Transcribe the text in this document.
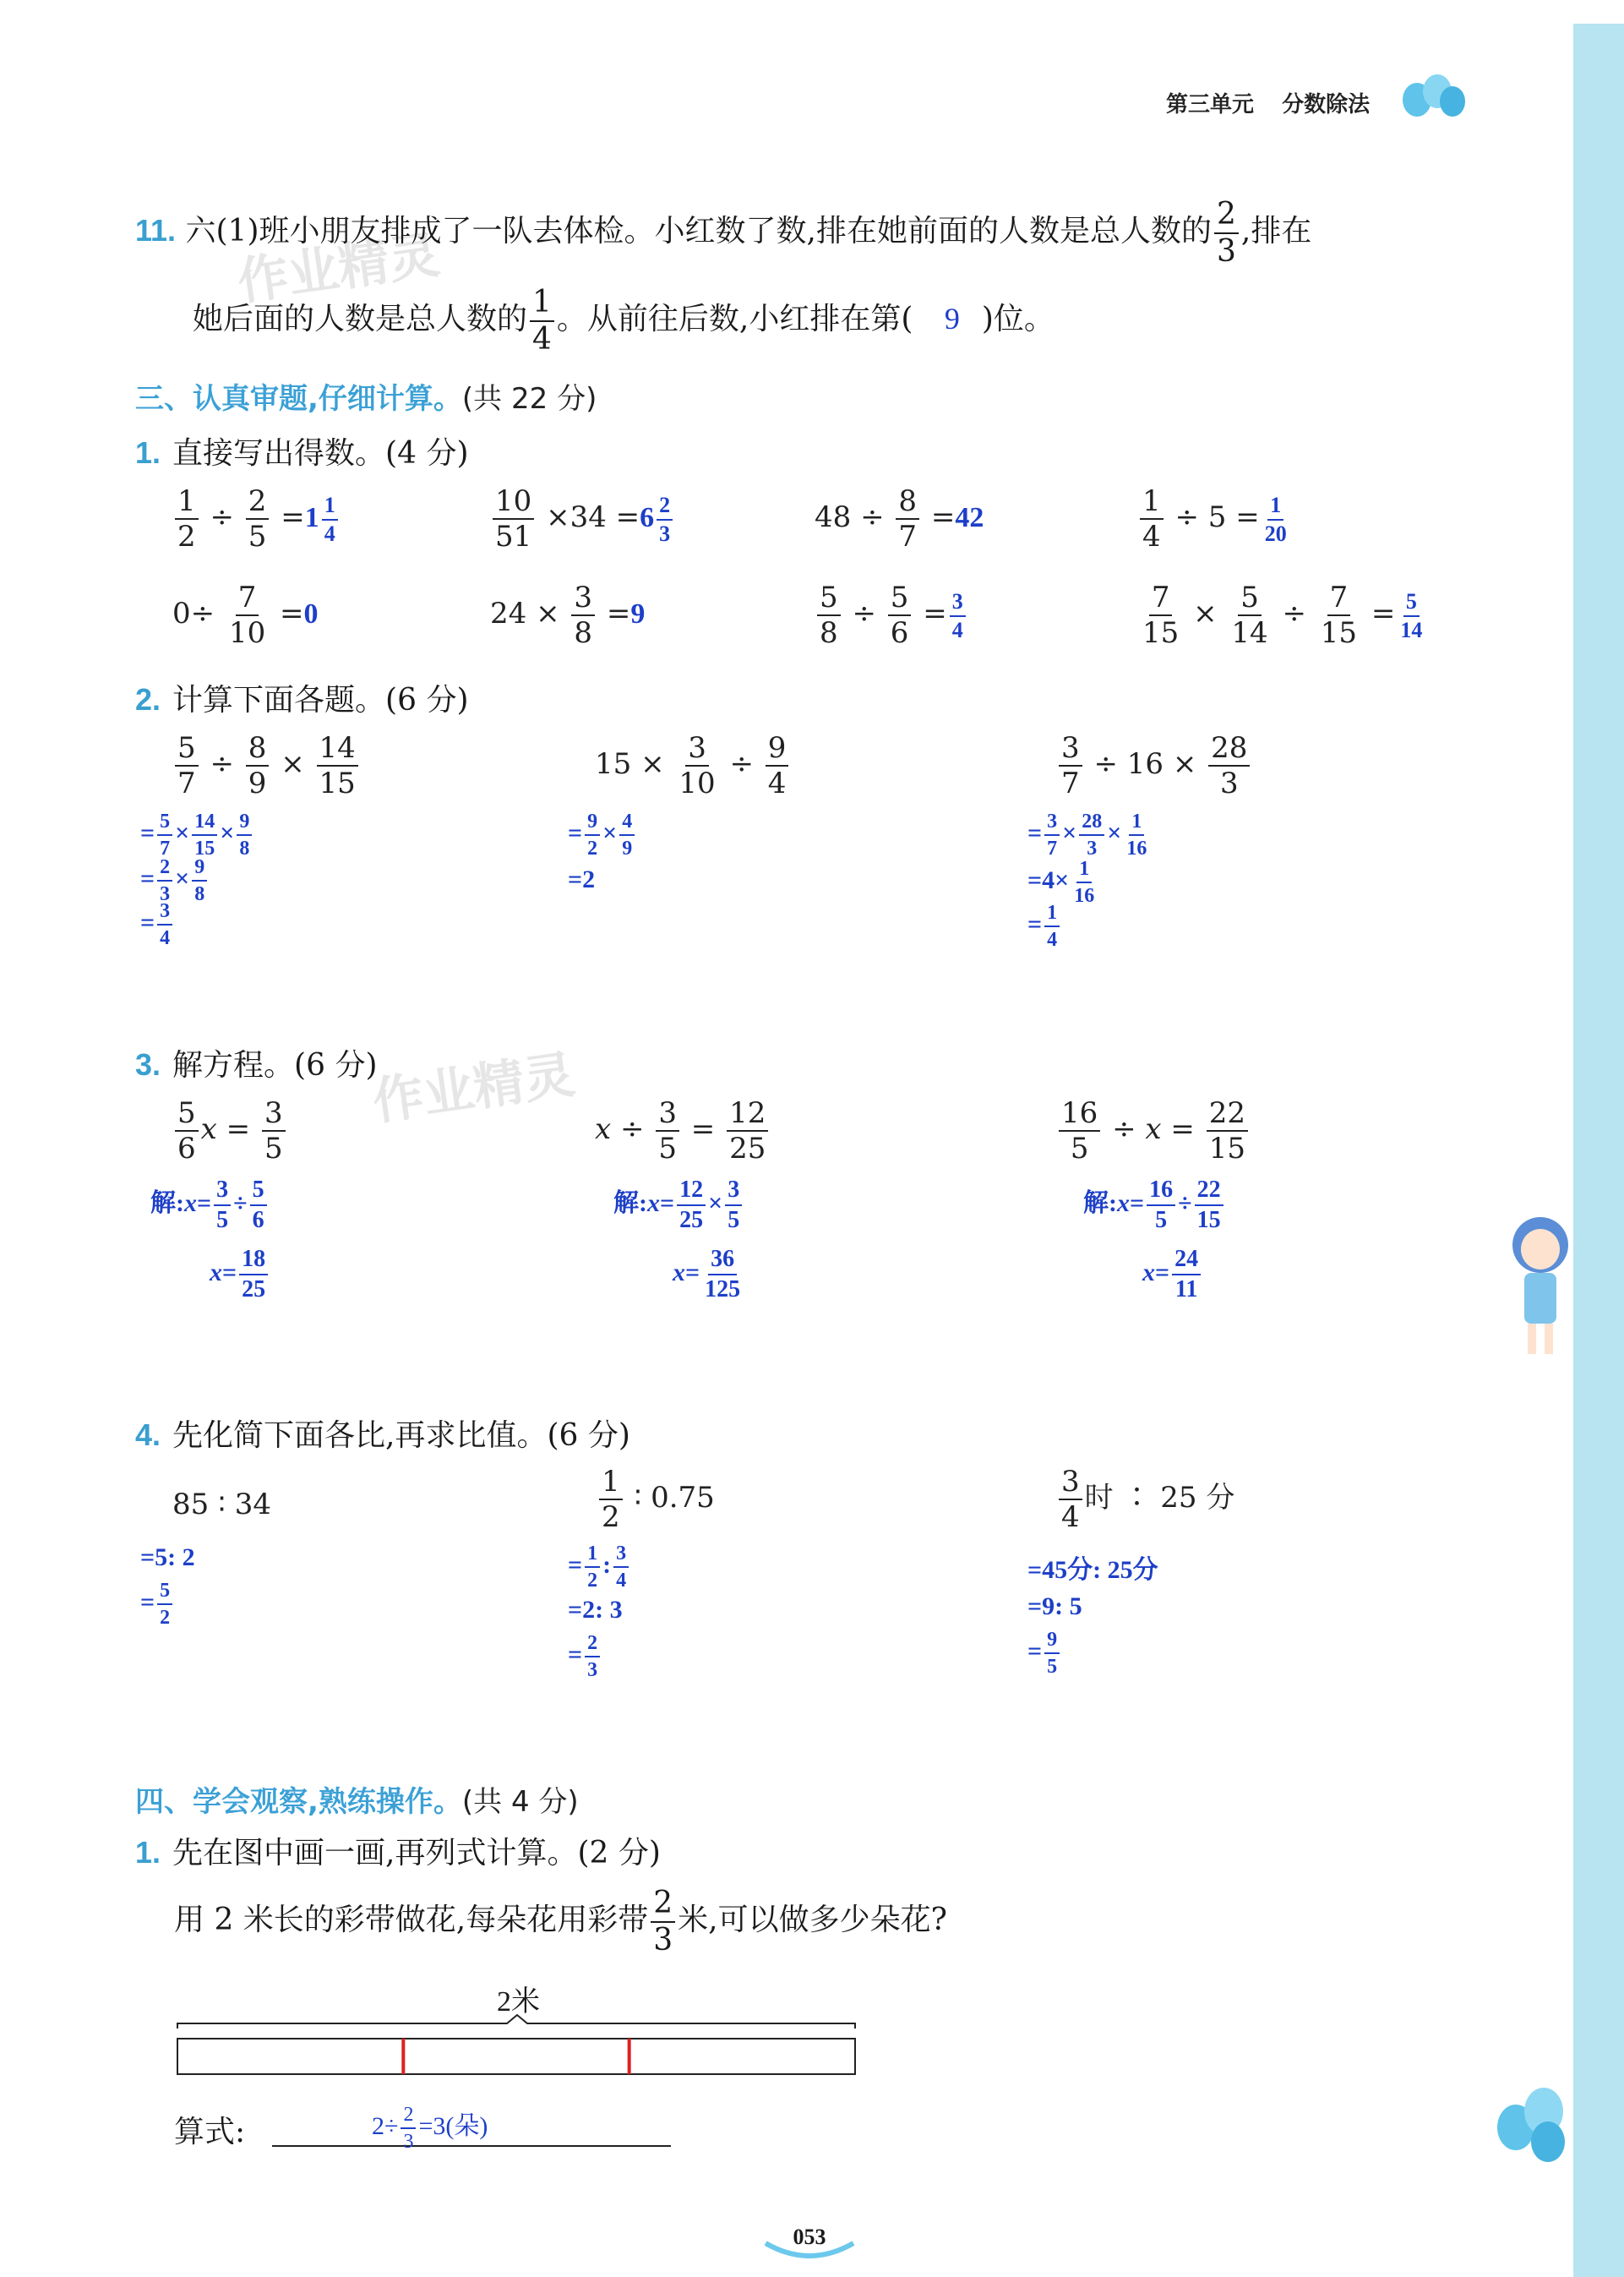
第三单元 分数除法
作业精灵
作业精灵
11. 六(1)班小朋友排成了一队去体检。小红数了数,排在她前面的人数是总人数的 $\frac{2}{3}$ ,排在
她后面的人数是总人数的 $\frac{1}{4}$ 。从前往后数,小红排在第( 9 )位。
三、认真审题,仔细计算。(共 22 分)
1. 直接写出得数。(4 分)
$\frac{1}{2} \div \frac{2}{5} =1 \frac{1}{4}$	$\frac{10}{51} \times 34 =6 \frac{2}{3}$	$48 \div \frac{8}{7} =42$	$\frac{1}{4} \div 5 = \frac{1}{20}$
$0\div \frac{7}{10} =0$	$24 \times \frac{3}{8} =9$	$\frac{5}{8} \div \frac{5}{6} = \frac{3}{4}$	$\frac{7}{15} \times \frac{5}{14} \div \frac{7}{15} = \frac{5}{14}$
2. 计算下面各题。(6 分)
$\frac{5}{7} \div \frac{8}{9} \times \frac{14}{15}$
= $\frac{5}{7} \times \frac{14}{15} \times \frac{9}{8}$
= $\frac{2}{3} \times \frac{9}{8}$
= $\frac{3}{4}$
$15 \times \frac{3}{10} \div \frac{9}{4}$
= $\frac{9}{2} \times \frac{4}{9}$
=2
$\frac{3}{7} \div 16 \times \frac{28}{3}$
= $\frac{3}{7} \times \frac{28}{3} \times \frac{1}{16}$
$=4\times \frac{1}{16}$
= $\frac{1}{4}$
3. 解方程。(6 分)
$\frac{5}{6}$ $x = \frac{3}{5}$
解:x= $\frac{3}{5} \div \frac{5}{6}$
$x= \frac{18}{25}$
$x \div \frac{3}{5} = \frac{12}{25}$
解:x= $\frac{12}{25} \times \frac{3}{5}$
$x= \frac{36}{125}$
$\frac{16}{5} \div x = \frac{22}{15}$
解:x= $\frac{16}{5} \div \frac{22}{15}$
$x= \frac{24}{11}$
4. 先化简下面各比,再求比值。(6 分)
85 ∶ 34
=5: 2
= $\frac{5}{2}$
$\frac{1}{2}$ ∶ 0.75
= $\frac{1}{2}$ : $\frac{3}{4}$
=2: 3
= $\frac{2}{3}$
$\frac{3}{4}$ 时 ∶ 25 分
=45分: 25分
=9: 5
= $\frac{9}{5}$
四、学会观察,熟练操作。(共 4 分)
1. 先在图中画一画,再列式计算。(2 分)
用 2 米长的彩带做花,每朵花用彩带 $\frac{2}{3}$ 米,可以做多少朵花?
2米
算式:	$2\div \frac{2}{3} =3$(朵)
053
